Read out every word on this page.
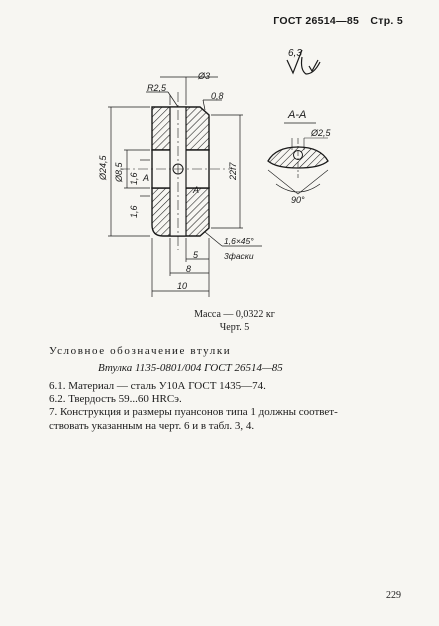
ГОСТ 26514—85 Стр. 5
6,3
R2,5
Ø3
0,8
Ø24,5 Ø8,5	22f7
1,6
1,6
А
А
5
8
10
1,6×45°
3фаски
А-А
Ø2,5
90°
Масса — 0,0322 кг
Черт. 5
Условное обозначение втулки
Втулка 1135-0801/004 ГОСТ 26514—85
6.1. Материал — сталь У10А ГОСТ 1435—74.
6.2. Твердость 59...60 HRCэ.
7. Конструкция и размеры пуансонов типа 1 должны соответ-
ствовать указанным на черт. 6 и в табл. 3, 4.
229
